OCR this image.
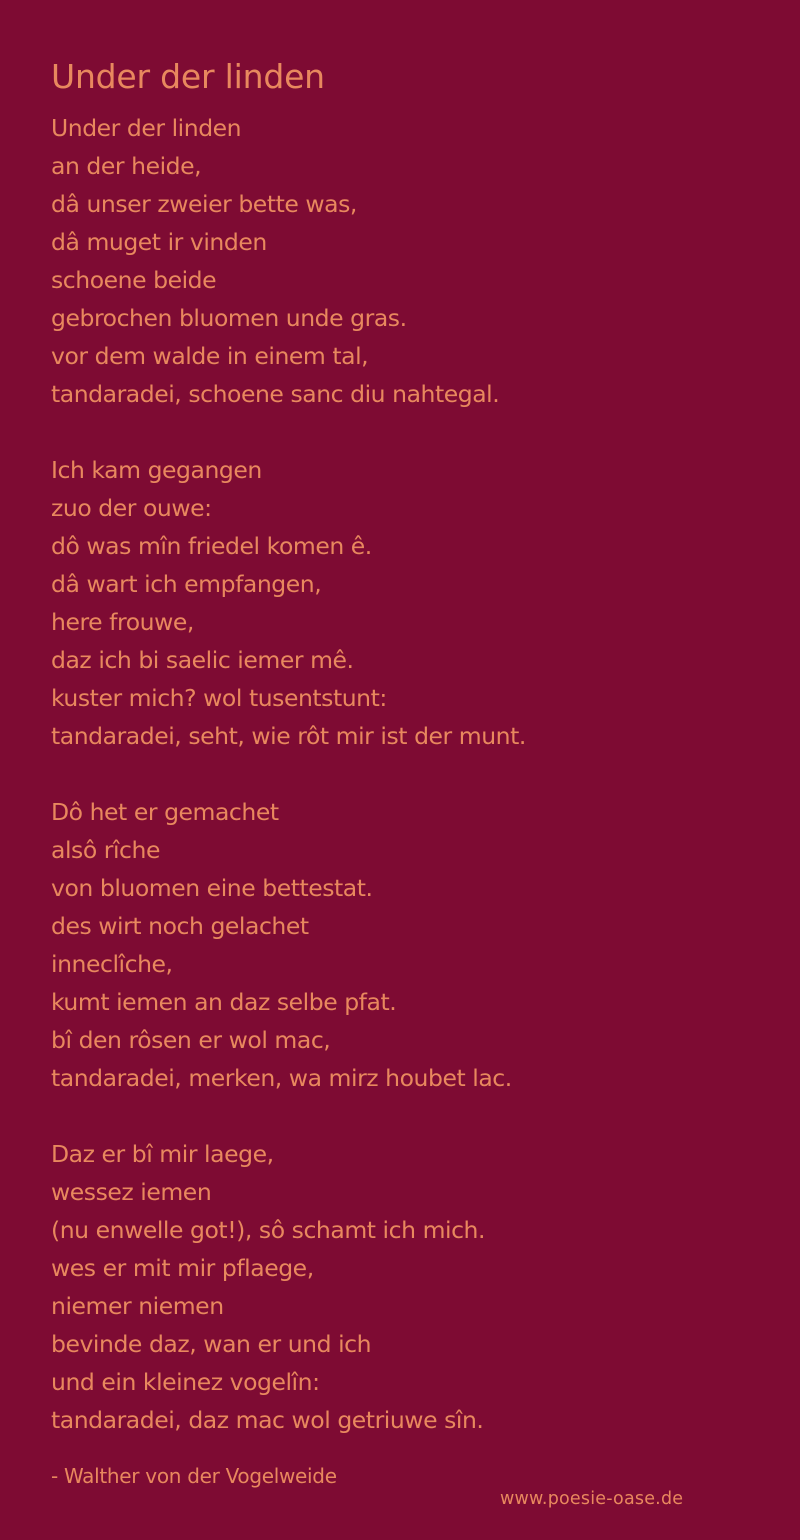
Under der linden
Under der linden
an der heide,
dâ unser zweier bette was,
dâ muget ir vinden
schoene beide
gebrochen bluomen unde gras.
vor dem walde in einem tal,
tandaradei, schoene sanc diu nahtegal.
Ich kam gegangen
zuo der ouwe:
dô was mîn friedel komen ê.
dâ wart ich empfangen,
here frouwe,
daz ich bi saelic iemer mê.
kuster mich? wol tusentstunt:
tandaradei, seht, wie rôt mir ist der munt.
Dô het er gemachet
alsô rîche
von bluomen eine bettestat.
des wirt noch gelachet
inneclîche,
kumt iemen an daz selbe pfat.
bî den rôsen er wol mac,
tandaradei, merken, wa mirz houbet lac.
Daz er bî mir laege,
wessez iemen
(nu enwelle got!), sô schamt ich mich.
wes er mit mir pflaege,
niemer niemen
bevinde daz, wan er und ich
und ein kleinez vogelîn:
tandaradei, daz mac wol getriuwe sîn.
- Walther von der Vogelweide
www.poesie-oase.de
